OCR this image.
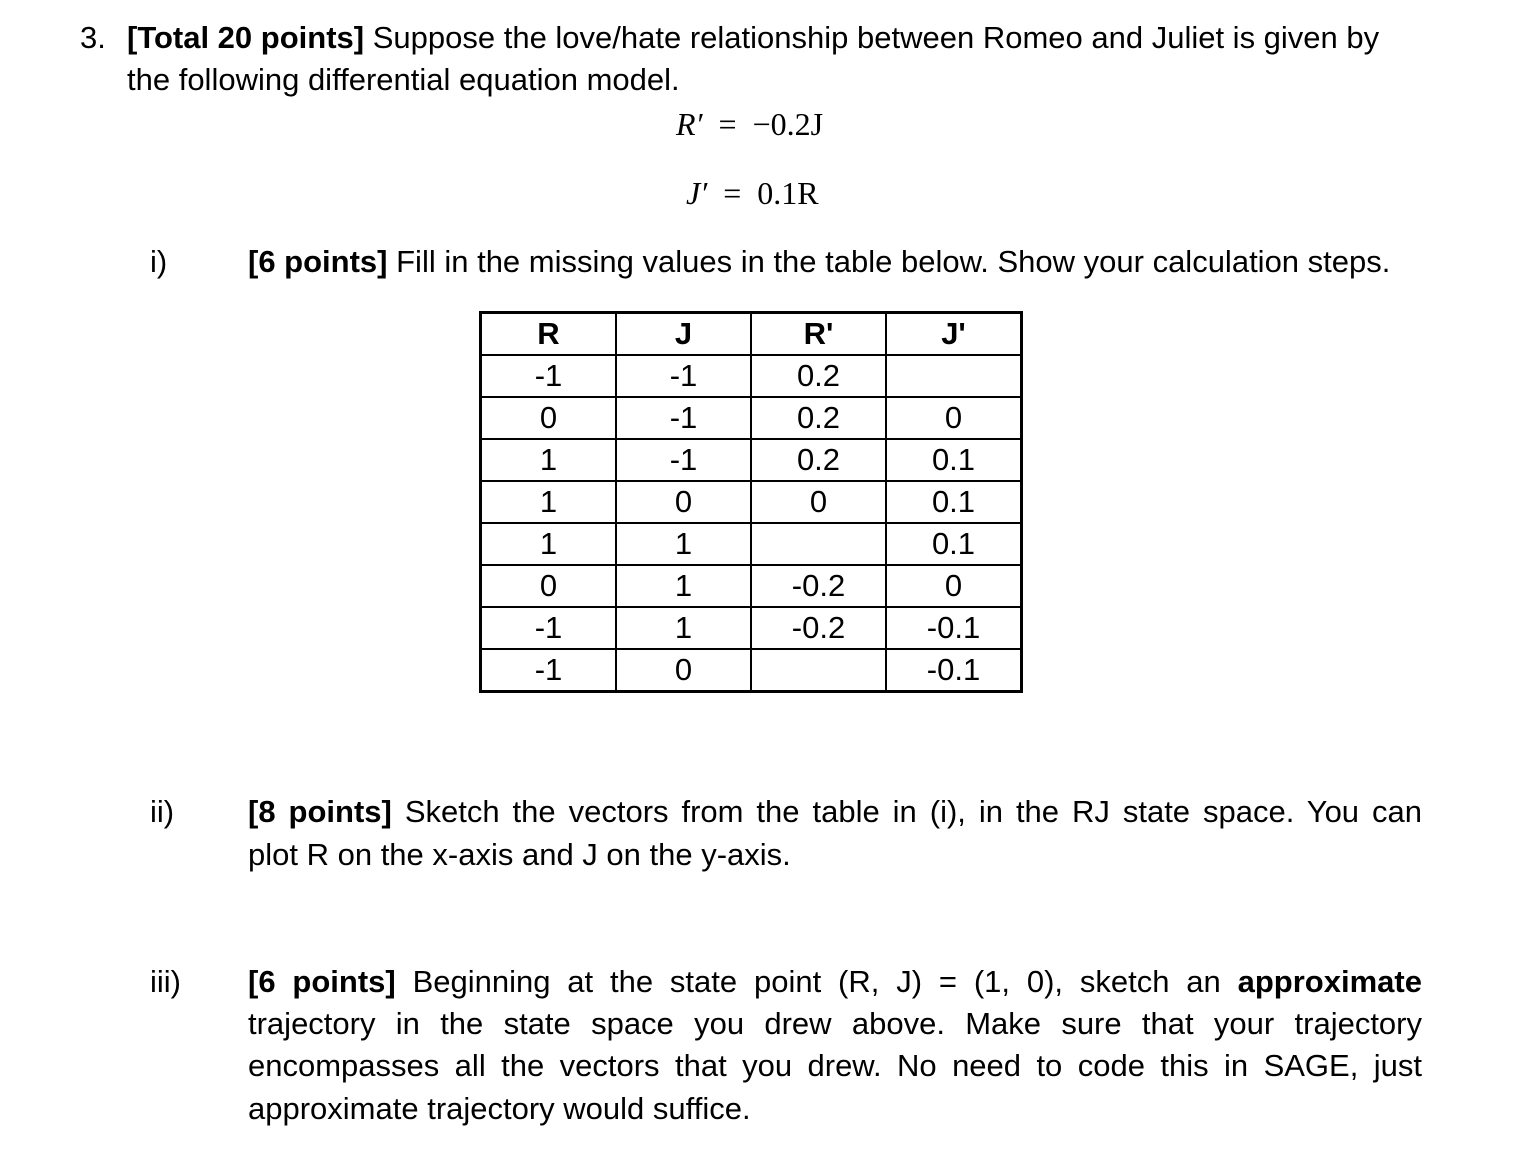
3. [Total 20 points] Suppose the love/hate relationship between Romeo and Juliet is given by
the following differential equation model.
R′ = −0.2J
J′ = 0.1R
i)	[6 points] Fill in the missing values in the table below. Show your calculation steps.
R	J	R'	J'
-1	-1	0.2	
0	-1	0.2	0
1	-1	0.2	0.1
1	0	0	0.1
1	1		0.1
0	1	-0.2	0
-1	1	-0.2	-0.1
-1	0		-0.1
ii) [8 points] Sketch the vectors from the table in (i), in the RJ state space. You can
plot R on the x-axis and J on the y-axis.
iii) [6 points] Beginning at the state point (R, J) = (1, 0), sketch an approximate
trajectory in the state space you drew above. Make sure that your trajectory
encompasses all the vectors that you drew. No need to code this in SAGE, just
approximate trajectory would suffice.
